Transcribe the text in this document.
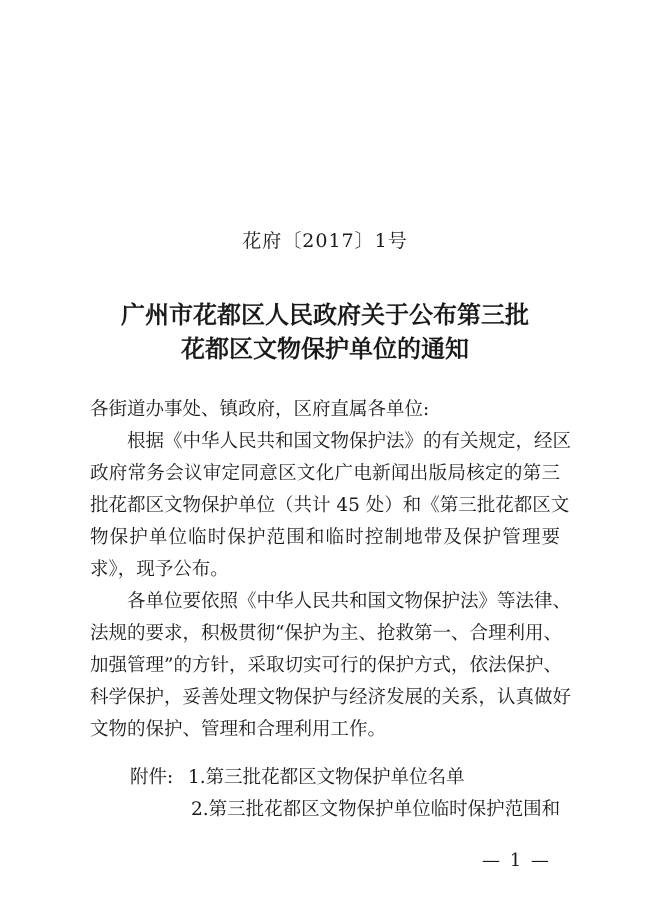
花府〔2017〕1号
广州市花都区人民政府关于公布第三批
花都区文物保护单位的通知
各街道办事处、镇政府，区府直属各单位:
根据《中华人民共和国文物保护法》的有关规定，经区
政府常务会议审定同意区文化广电新闻出版局核定的第三
批花都区文物保护单位（共计 45 处）和《第三批花都区文
物保护单位临时保护范围和临时控制地带及保护管理要
求》，现予公布。
各单位要依照《中华人民共和国文物保护法》等法律、
法规的要求，积极贯彻“保护为主、抢救第一、合理利用、
加强管理”的方针，采取切实可行的保护方式，依法保护、
科学保护，妥善处理文物保护与经济发展的关系，认真做好
文物的保护、管理和合理利用工作。
附件: 1.第三批花都区文物保护单位名单
2.第三批花都区文物保护单位临时保护范围和
— 1 —
